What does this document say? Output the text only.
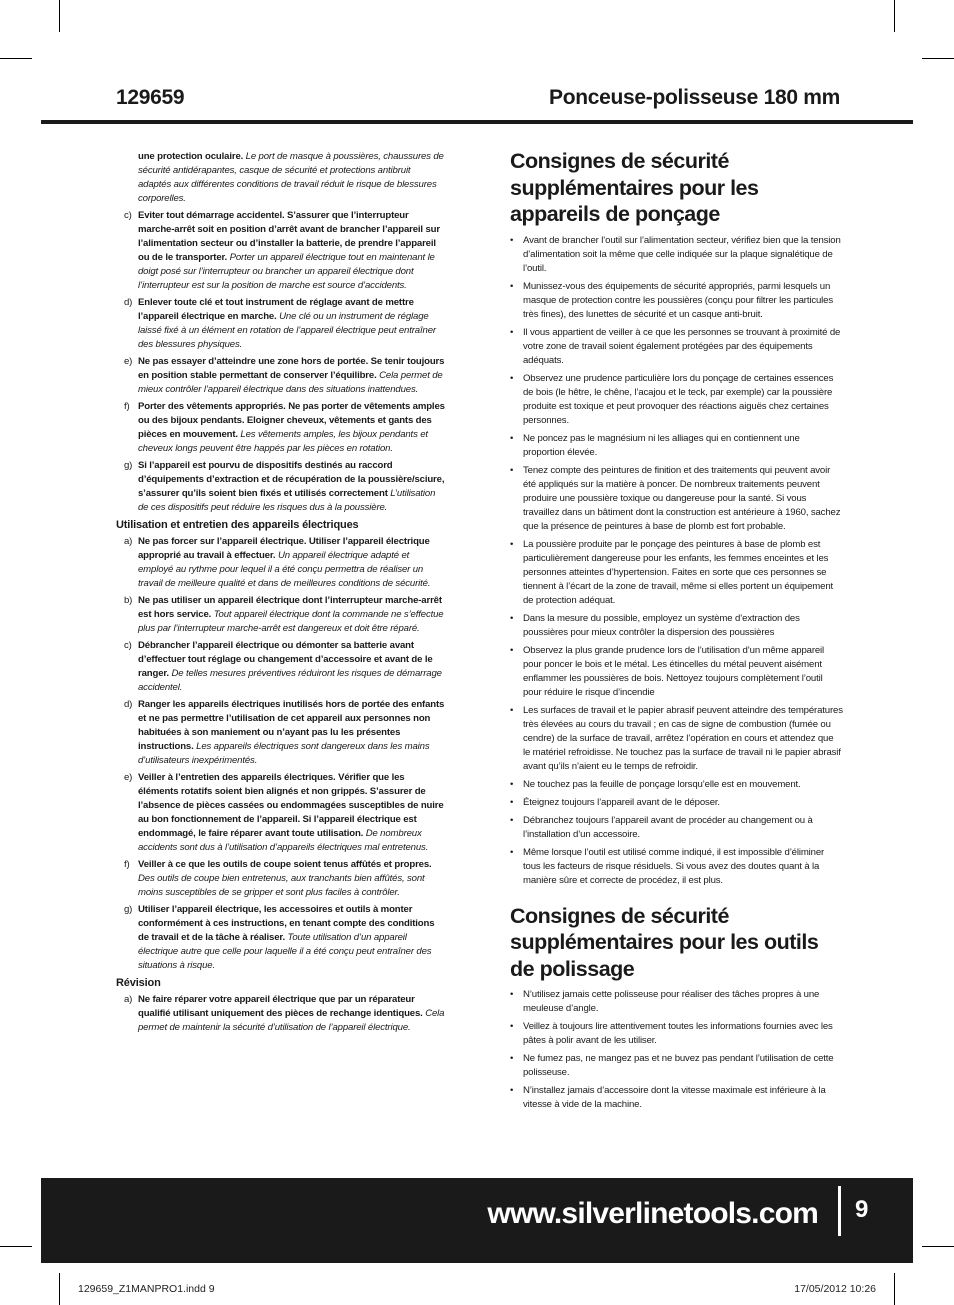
129659	Ponceuse-polisseuse 180 mm
une protection oculaire. Le port de masque à poussières, chaussures de sécurité antidérapantes, casque de sécurité et protections antibruit adaptés aux différentes conditions de travail réduit le risque de blessures corporelles.
c) Eviter tout démarrage accidentel. S’assurer que l’interrupteur marche-arrêt soit en position d’arrêt avant de brancher l’appareil sur l’alimentation secteur ou d’installer la batterie, de prendre l’appareil ou de le transporter. Porter un appareil électrique tout en maintenant le doigt posé sur l’interrupteur ou brancher un appareil électrique dont l’interrupteur est sur la position de marche est source d’accidents.
d) Enlever toute clé et tout instrument de réglage avant de mettre l’appareil électrique en marche. Une clé ou un instrument de réglage laissé fixé à un élément en rotation de l’appareil électrique peut entraîner des blessures physiques.
e) Ne pas essayer d’atteindre une zone hors de portée. Se tenir toujours en position stable permettant de conserver l’équilibre. Cela permet de mieux contrôler l’appareil électrique dans des situations inattendues.
f) Porter des vêtements appropriés. Ne pas porter de vêtements amples ou des bijoux pendants. Eloigner cheveux, vêtements et gants des pièces en mouvement. Les vêtements amples, les bijoux pendants et cheveux longs peuvent être happés par les pièces en rotation.
g) Si l’appareil est pourvu de dispositifs destinés au raccord d’équipements d’extraction et de récupération de la poussière/sciure, s’assurer qu’ils soient bien fixés et utilisés correctement L’utilisation de ces dispositifs peut réduire les risques dus à la poussière.
Utilisation et entretien des appareils électriques
a) Ne pas forcer sur l’appareil électrique. Utiliser l’appareil électrique approprié au travail à effectuer. Un appareil électrique adapté et employé au rythme pour lequel il a été conçu permettra de réaliser un travail de meilleure qualité et dans de meilleures conditions de sécurité.
b) Ne pas utiliser un appareil électrique dont l’interrupteur marche-arrêt est hors service. Tout appareil électrique dont la commande ne s’effectue plus par l’interrupteur marche-arrêt est dangereux et doit être réparé.
c) Débrancher l’appareil électrique ou démonter sa batterie avant d’effectuer tout réglage ou changement d’accessoire et avant de le ranger. De telles mesures préventives réduiront les risques de démarrage accidentel.
d) Ranger les appareils électriques inutilisés hors de portée des enfants et ne pas permettre l’utilisation de cet appareil aux personnes non habituées à son maniement ou n’ayant pas lu les présentes instructions. Les appareils électriques sont dangereux dans les mains d’utilisateurs inexpérimentés.
e) Veiller à l’entretien des appareils électriques. Vérifier que les éléments rotatifs soient bien alignés et non grippés. S’assurer de l’absence de pièces cassées ou endommagées susceptibles de nuire au bon fonctionnement de l’appareil. Si l’appareil électrique est endommagé, le faire réparer avant toute utilisation. De nombreux accidents sont dus à l’utilisation d’appareils électriques mal entretenus.
f) Veiller à ce que les outils de coupe soient tenus affûtés et propres. Des outils de coupe bien entretenus, aux tranchants bien affûtés, sont moins susceptibles de se gripper et sont plus faciles à contrôler.
g) Utiliser l’appareil électrique, les accessoires et outils à monter conformément à ces instructions, en tenant compte des conditions de travail et de la tâche à réaliser. Toute utilisation d’un appareil électrique autre que celle pour laquelle il a été conçu peut entraîner des situations à risque.
Révision
a) Ne faire réparer votre appareil électrique que par un réparateur qualifié utilisant uniquement des pièces de rechange identiques. Cela permet de maintenir la sécurité d’utilisation de l’appareil électrique.
Consignes de sécurité supplémentaires pour les appareils de ponçage
• Avant de brancher l’outil sur l’alimentation secteur, vérifiez bien que la tension d’alimentation soit la même que celle indiquée sur la plaque signalétique de l’outil.
• Munissez-vous des équipements de sécurité appropriés, parmi lesquels un masque de protection contre les poussières (conçu pour filtrer les particules très fines), des lunettes de sécurité et un casque anti-bruit.
• Il vous appartient de veiller à ce que les personnes se trouvant à proximité de votre zone de travail soient également protégées par des équipements adéquats.
• Observez une prudence particulière lors du ponçage de certaines essences de bois (le hêtre, le chêne, l’acajou et le teck, par exemple) car la poussière produite est toxique et peut provoquer des réactions aiguës chez certaines personnes.
• Ne poncez pas le magnésium ni les alliages qui en contiennent une proportion élevée.
• Tenez compte des peintures de finition et des traitements qui peuvent avoir été appliqués sur la matière à poncer. De nombreux traitements peuvent produire une poussière toxique ou dangereuse pour la santé. Si vous travaillez dans un bâtiment dont la construction est antérieure à 1960, sachez que la présence de peintures à base de plomb est fort probable.
• La poussière produite par le ponçage des peintures à base de plomb est particulièrement dangereuse pour les enfants, les femmes enceintes et les personnes atteintes d’hypertension. Faites en sorte que ces personnes se tiennent à l’écart de la zone de travail, même si elles portent un équipement de protection adéquat.
• Dans la mesure du possible, employez un système d’extraction des poussières pour mieux contrôler la dispersion des poussières
• Observez la plus grande prudence lors de l’utilisation d’un même appareil pour poncer le bois et le métal. Les étincelles du métal peuvent aisément enflammer les poussières de bois. Nettoyez toujours complètement l’outil pour réduire le risque d’incendie
• Les surfaces de travail et le papier abrasif peuvent atteindre des températures très élevées au cours du travail ; en cas de signe de combustion (fumée ou cendre) de la surface de travail, arrêtez l’opération en cours et attendez que le matériel refroidisse. Ne touchez pas la surface de travail ni le papier abrasif avant qu’ils n’aient eu le temps de refroidir.
• Ne touchez pas la feuille de ponçage lorsqu’elle est en mouvement.
• Éteignez toujours l’appareil avant de le déposer.
• Débranchez toujours l’appareil avant de procéder au changement ou à l’installation d’un accessoire.
• Même lorsque l’outil est utilisé comme indiqué, il est impossible d’éliminer tous les facteurs de risque résiduels. Si vous avez des doutes quant à la manière sûre et correcte de procédez, il est plus.
Consignes de sécurité supplémentaires pour les outils de polissage
• N’utilisez jamais cette polisseuse pour réaliser des tâches propres à une meuleuse d’angle.
• Veillez à toujours lire attentivement toutes les informations fournies avec les pâtes à polir avant de les utiliser.
• Ne fumez pas, ne mangez pas et ne buvez pas pendant l’utilisation de cette polisseuse.
• N’installez jamais d’accessoire dont la vitesse maximale est inférieure à la vitesse à vide de la machine.
www.silverlinetools.com 9
129659_Z1MANPRO1.indd 9	17/05/2012 10:26
